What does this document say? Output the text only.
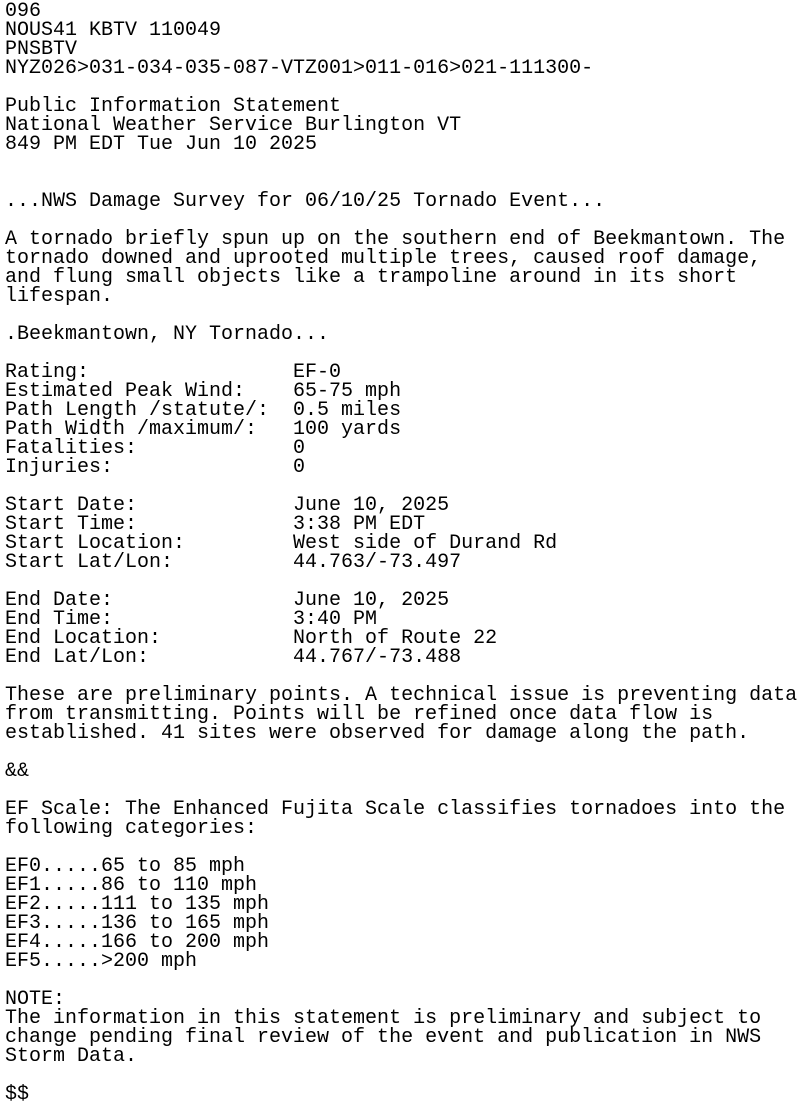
096
NOUS41 KBTV 110049
PNSBTV
NYZ026>031-034-035-087-VTZ001>011-016>021-111300-
Public Information Statement
National Weather Service Burlington VT
849 PM EDT Tue Jun 10 2025
...NWS Damage Survey for 06/10/25 Tornado Event...
A tornado briefly spun up on the southern end of Beekmantown. The
tornado downed and uprooted multiple trees, caused roof damage,
and flung small objects like a trampoline around in its short
lifespan.
.Beekmantown, NY Tornado...
Rating:                 EF-0
Estimated Peak Wind:    65-75 mph
Path Length /statute/:  0.5 miles
Path Width /maximum/:   100 yards
Fatalities:             0
Injuries:               0
Start Date:             June 10, 2025
Start Time:             3:38 PM EDT
Start Location:         West side of Durand Rd
Start Lat/Lon:          44.763/-73.497
End Date:               June 10, 2025
End Time:               3:40 PM
End Location:           North of Route 22
End Lat/Lon:            44.767/-73.488
These are preliminary points. A technical issue is preventing data
from transmitting. Points will be refined once data flow is
established. 41 sites were observed for damage along the path.
&&
EF Scale: The Enhanced Fujita Scale classifies tornadoes into the
following categories:
EF0.....65 to 85 mph
EF1.....86 to 110 mph
EF2.....111 to 135 mph
EF3.....136 to 165 mph
EF4.....166 to 200 mph
EF5.....>200 mph
NOTE:
The information in this statement is preliminary and subject to
change pending final review of the event and publication in NWS
Storm Data.
$$
